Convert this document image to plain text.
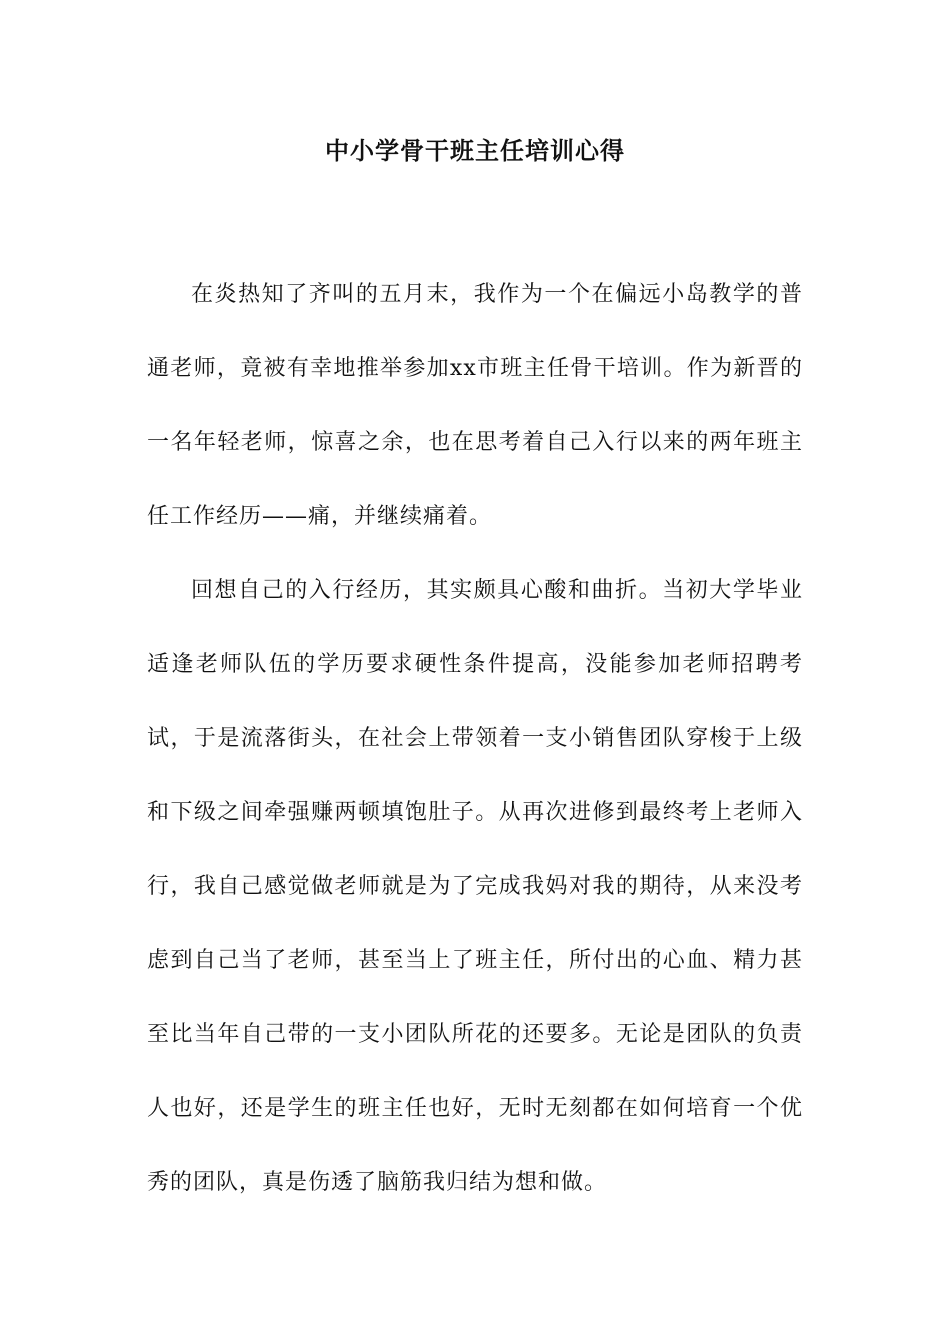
中小学骨干班主任培训心得

在炎热知了齐叫的五月末，我作为一个在偏远小岛教学的普通老师，竟被有幸地推举参加xx市班主任骨干培训。作为新晋的一名年轻老师，惊喜之余，也在思考着自己入行以来的两年班主任工作经历——痛，并继续痛着。

回想自己的入行经历，其实颇具心酸和曲折。当初大学毕业适逢老师队伍的学历要求硬性条件提高，没能参加老师招聘考试，于是流落街头，在社会上带领着一支小销售团队穿梭于上级和下级之间牵强赚两顿填饱肚子。从再次进修到最终考上老师入行，我自己感觉做老师就是为了完成我妈对我的期待，从来没考虑到自己当了老师，甚至当上了班主任，所付出的心血、精力甚至比当年自己带的一支小团队所花的还要多。无论是团队的负责人也好，还是学生的班主任也好，无时无刻都在如何培育一个优秀的团队，真是伤透了脑筋我归结为想和做。
